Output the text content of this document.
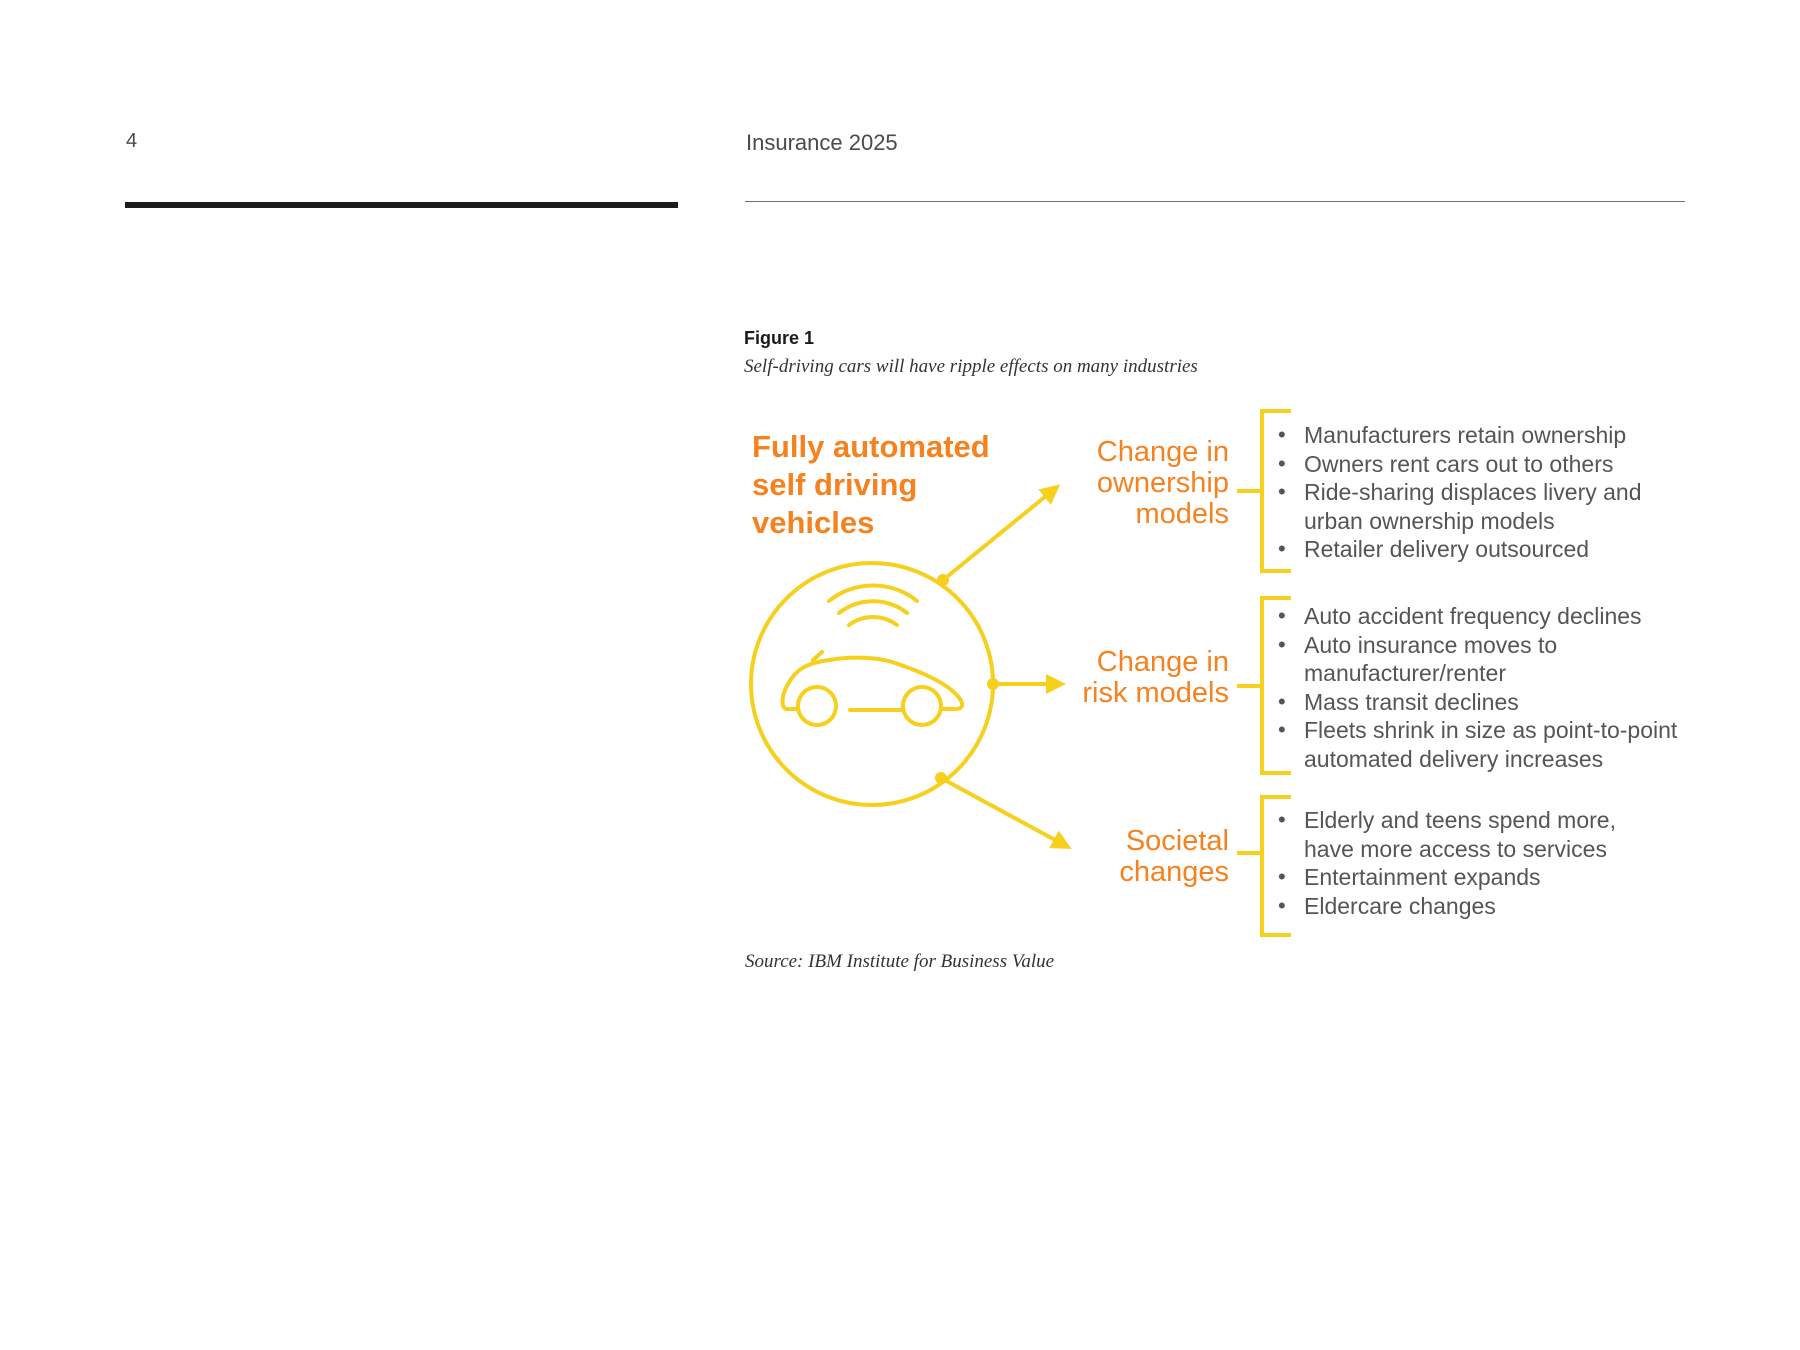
4	Insurance 2025
Figure 1
Self-driving cars will have ripple effects on many industries
Fully automated
self driving
vehicles
Change in
ownership
models
• Manufacturers retain ownership
• Owners rent cars out to others
• Ride-sharing displaces livery and
urban ownership models
• Retailer delivery outsourced
Change in
risk models
• Auto accident frequency declines
• Auto insurance moves to
manufacturer/renter
• Mass transit declines
• Fleets shrink in size as point-to-point
automated delivery increases
Societal
changes
• Elderly and teens spend more,
have more access to services
• Entertainment expands
• Eldercare changes
Source: IBM Institute for Business Value
